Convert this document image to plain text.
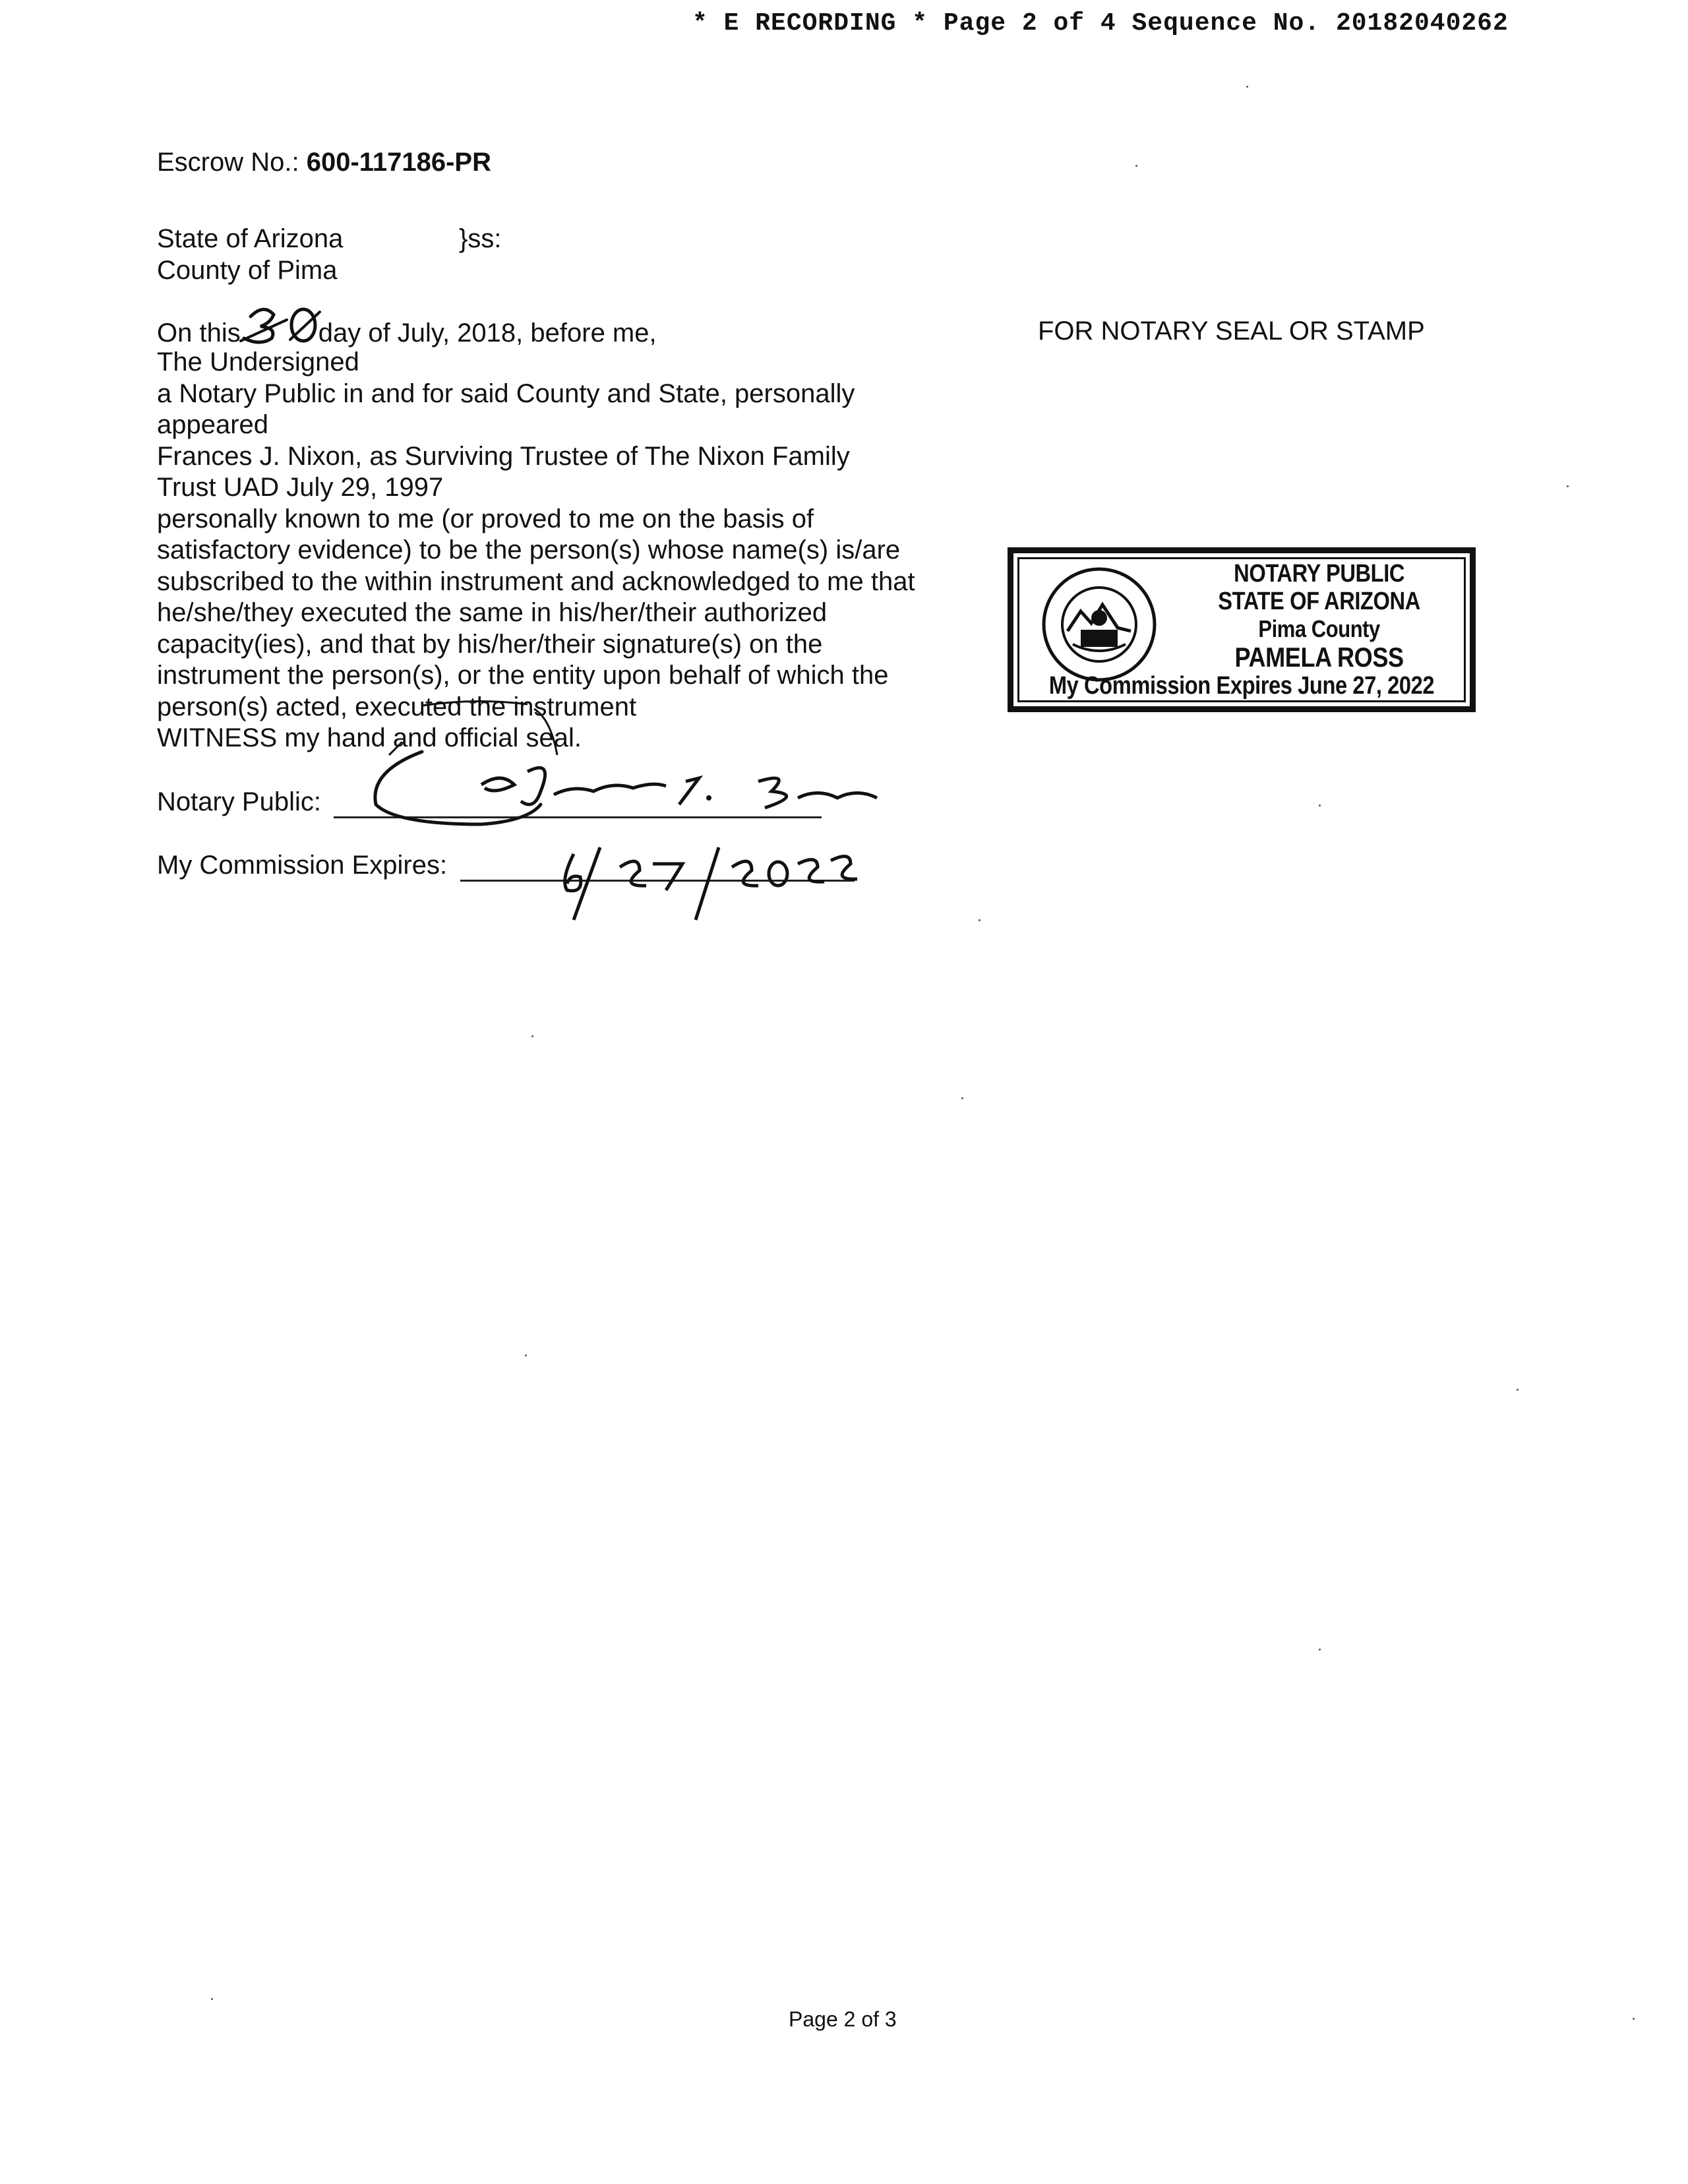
* E RECORDING * Page 2 of 4 Sequence No. 20182040262
Escrow No.: 600-117186-PR
State of Arizona	}ss:
County of Pima
On this	day of July, 2018, before me,
The Undersigned
a Notary Public in and for said County and State, personally
appeared
Frances J. Nixon, as Surviving Trustee of The Nixon Family
Trust UAD July 29, 1997
personally known to me (or proved to me on the basis of
satisfactory evidence) to be the person(s) whose name(s) is/are
subscribed to the within instrument and acknowledged to me that
he/she/they executed the same in his/her/their authorized
capacity(ies), and that by his/her/their signature(s) on the
instrument the person(s), or the entity upon behalf of which the
person(s) acted, executed the instrument
WITNESS my hand and official seal.
FOR NOTARY SEAL OR STAMP
NOTARY PUBLIC
STATE OF ARIZONA
Pima County
PAMELA ROSS
My Commission Expires June 27, 2022
Notary Public:
My Commission Expires:
Page 2 of 3
